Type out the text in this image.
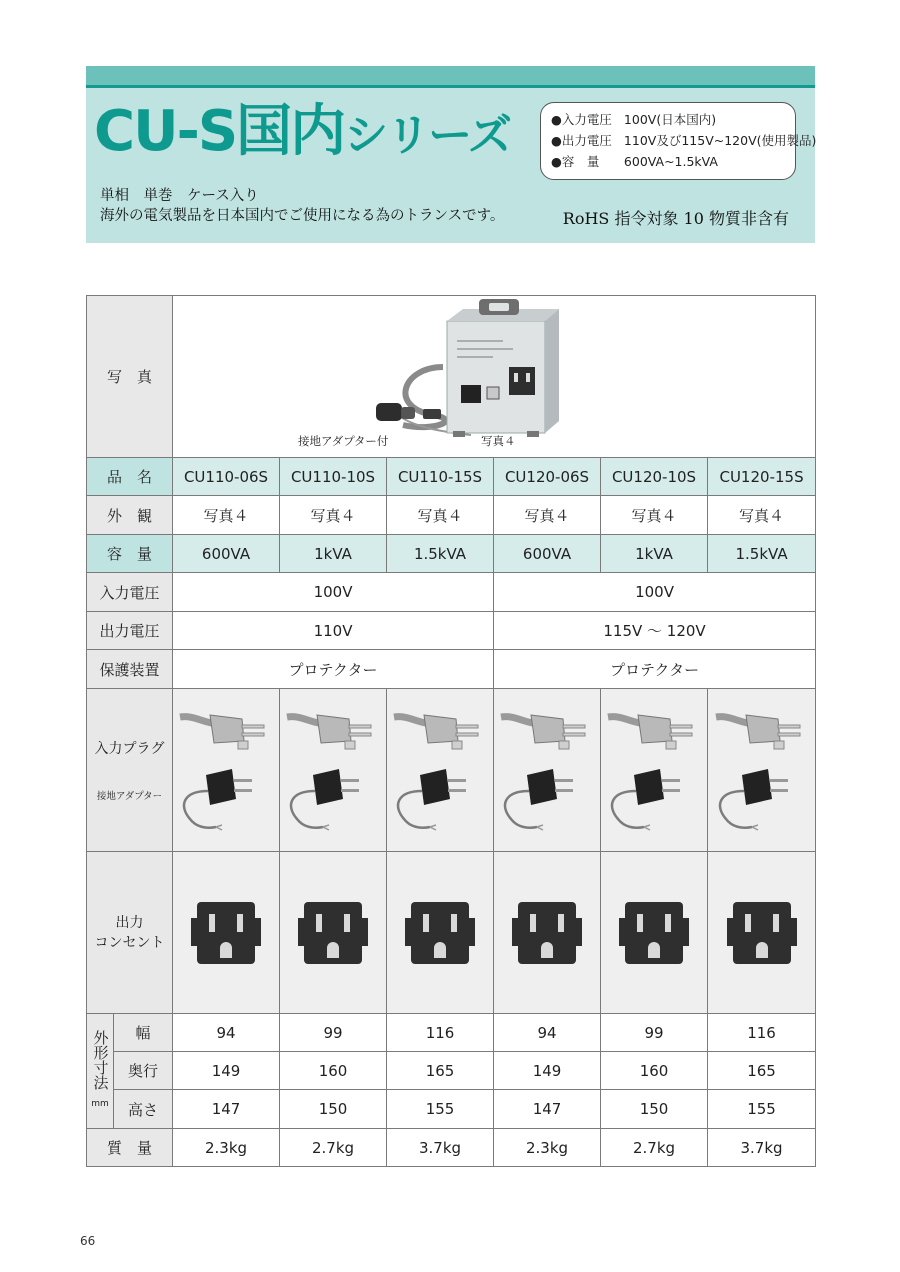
CU-S国内シリーズ	●入力電圧 100V(日本国内)
●出力電圧 110V及び115V~120V(使用製品)
●容　量 600VA~1.5kVA
単相　単巻　ケース入り
海外の電気製品を日本国内でご使用になる為のトランスです。	RoHS 指令対象 10 物質非含有
写　真		接地アダプター付 写真４					

品　名		CU110-06S	CU110-10S	CU110-15S	CU120-06S	CU120-10S	CU120-15S
外　観		写真４	写真４	写真４	写真４	写真４	写真４
容　量		600VA	1kVA	1.5kVA	600VA	1kVA	1.5kVA
入力電圧		100V			100V		
出力電圧		110V			115V ～ 120V		
保護装置		プロテクター			プロテクター		

入力プラグ
接地アダプター

出力
コンセント

外形寸法
mm	幅	94	99	116	94	99	116
	奥行	149	160	165	149	160	165
	高さ	147	150	155	147	150	155
質　量		2.3kg	2.7kg	3.7kg	2.3kg	2.7kg	3.7kg
66
